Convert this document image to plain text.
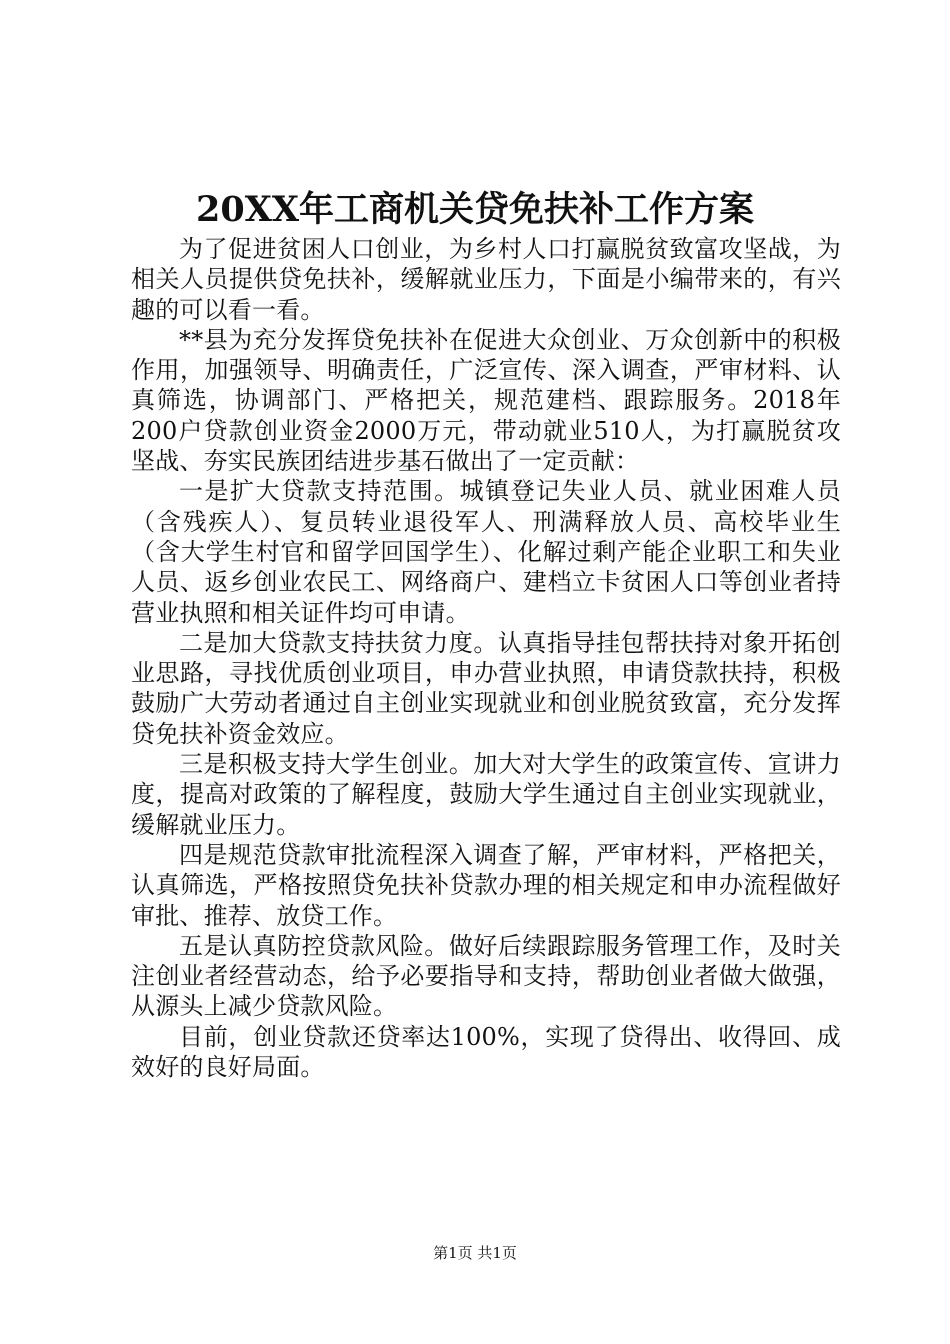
20XX年工商机关贷免扶补工作方案

为了促进贫困人口创业，为乡村人口打赢脱贫致富攻坚战，为相关人员提供贷免扶补，缓解就业压力，下面是小编带来的，有兴趣的可以看一看。

**县为充分发挥贷免扶补在促进大众创业、万众创新中的积极作用，加强领导、明确责任，广泛宣传、深入调查，严审材料、认真筛选，协调部门、严格把关，规范建档、跟踪服务。2018年200户贷款创业资金2000万元，带动就业510人，为打赢脱贫攻坚战、夯实民族团结进步基石做出了一定贡献：

一是扩大贷款支持范围。城镇登记失业人员、就业困难人员（含残疾人）、复员转业退役军人、刑满释放人员、高校毕业生（含大学生村官和留学回国学生）、化解过剩产能企业职工和失业人员、返乡创业农民工、网络商户、建档立卡贫困人口等创业者持营业执照和相关证件均可申请。

二是加大贷款支持扶贫力度。认真指导挂包帮扶持对象开拓创业思路，寻找优质创业项目，申办营业执照，申请贷款扶持，积极鼓励广大劳动者通过自主创业实现就业和创业脱贫致富，充分发挥贷免扶补资金效应。

三是积极支持大学生创业。加大对大学生的政策宣传、宣讲力度，提高对政策的了解程度，鼓励大学生通过自主创业实现就业，缓解就业压力。

四是规范贷款审批流程深入调查了解，严审材料，严格把关，认真筛选，严格按照贷免扶补贷款办理的相关规定和申办流程做好审批、推荐、放贷工作。

五是认真防控贷款风险。做好后续跟踪服务管理工作，及时关注创业者经营动态，给予必要指导和支持，帮助创业者做大做强，从源头上减少贷款风险。

目前，创业贷款还贷率达100%，实现了贷得出、收得回、成效好的良好局面。

第1页 共1页
